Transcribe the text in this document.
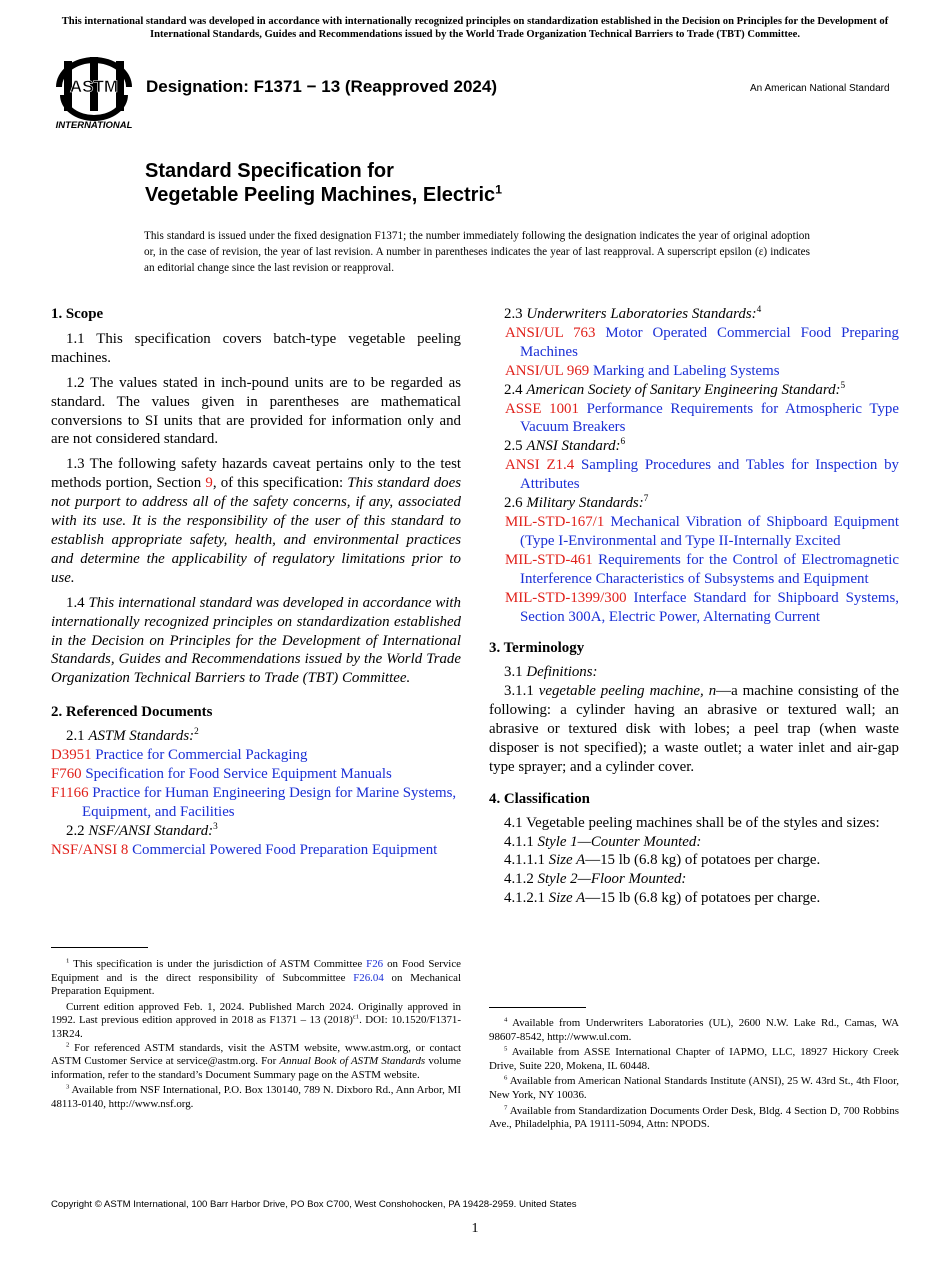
This international standard was developed in accordance with internationally recognized principles on standardization established in the Decision on Principles for the Development of International Standards, Guides and Recommendations issued by the World Trade Organization Technical Barriers to Trade (TBT) Committee.
ASTM
INTERNATIONAL
Designation: F1371 − 13 (Reapproved 2024)	An American National Standard
Standard Specification for
Vegetable Peeling Machines, Electric$^1$
This standard is issued under the fixed designation F1371; the number immediately following the designation indicates the year of original adoption or, in the case of revision, the year of last revision. A number in parentheses indicates the year of last reapproval. A superscript epsilon (ε) indicates an editorial change since the last revision or reapproval.
1. Scope

1.1 This specification covers batch-type vegetable peeling machines.

1.2 The values stated in inch-pound units are to be regarded as standard. The values given in parentheses are mathematical conversions to SI units that are provided for information only and are not considered standard.

1.3 The following safety hazards caveat pertains only to the test methods portion, Section 9, of this specification: This standard does not purport to address all of the safety concerns, if any, associated with its use. It is the responsibility of the user of this standard to establish appropriate safety, health, and environmental practices and determine the applicability of regulatory limitations prior to use.

1.4 This international standard was developed in accordance with internationally recognized principles on standardization established in the Decision on Principles for the Development of International Standards, Guides and Recommendations issued by the World Trade Organization Technical Barriers to Trade (TBT) Committee.

2. Referenced Documents
2.1 ASTM Standards:$^2$
D3951 Practice for Commercial Packaging
F760 Specification for Food Service Equipment Manuals
F1166 Practice for Human Engineering Design for Marine Systems, Equipment, and Facilities
2.2 NSF/ANSI Standard:$^3$
NSF/ANSI 8 Commercial Powered Food Preparation Equipment

$^1$ This specification is under the jurisdiction of ASTM Committee F26 on Food Service Equipment and is the direct responsibility of Subcommittee F26.04 on Mechanical Preparation Equipment.

Current edition approved Feb. 1, 2024. Published March 2024. Originally approved in 1992. Last previous edition approved in 2018 as F1371 – 13 $(2018)^{\varepsilon 1}$. DOI: 10.1520/F1371-13R24.

$^2$ For referenced ASTM standards, visit the ASTM website, www.astm.org, or contact ASTM Customer Service at service@astm.org. For Annual Book of ASTM Standards volume information, refer to the standard’s Document Summary page on the ASTM website.

$^3$ Available from NSF International, P.O. Box 130140, 789 N. Dixboro Rd., Ann Arbor, MI 48113-0140, http://www.nsf.org.

2.3 Underwriters Laboratories Standards:$^4$
ANSI/UL 763 Motor Operated Commercial Food Preparing Machines
ANSI/UL 969 Marking and Labeling Systems
2.4 American Society of Sanitary Engineering Standard:$^5$
ASSE 1001 Performance Requirements for Atmospheric Type Vacuum Breakers
2.5 ANSI Standard:$^6$
ANSI Z1.4 Sampling Procedures and Tables for Inspection by Attributes
2.6 Military Standards:$^7$
MIL-STD-167/1 Mechanical Vibration of Shipboard Equipment (Type I-Environmental and Type II-Internally Excited
MIL-STD-461 Requirements for the Control of Electromagnetic Interference Characteristics of Subsystems and Equipment
MIL-STD-1399/300 Interface Standard for Shipboard Systems, Section 300A, Electric Power, Alternating Current
3. Terminology
3.1 Definitions:

3.1.1 vegetable peeling machine, n—a machine consisting of the following: a cylinder having an abrasive or textured wall; an abrasive or textured disk with lobes; a peel trap (when waste disposer is not specified); a waste outlet; a water inlet and air-gap type sprayer; and a cylinder cover.

4. Classification

4.1 Vegetable peeling machines shall be of the styles and sizes:

4.1.1 Style 1—Counter Mounted:
4.1.1.1 Size A—15 lb (6.8 kg) of potatoes per charge.
4.1.2 Style 2—Floor Mounted:
4.1.2.1 Size A—15 lb (6.8 kg) of potatoes per charge.

$^4$ Available from Underwriters Laboratories (UL), 2600 N.W. Lake Rd., Camas, WA 98607-8542, http://www.ul.com.

$^5$ Available from ASSE International Chapter of IAPMO, LLC, 18927 Hickory Creek Drive, Suite 220, Mokena, IL 60448.

$^6$ Available from American National Standards Institute (ANSI), 25 W. 43rd St., 4th Floor, New York, NY 10036.

$^7$ Available from Standardization Documents Order Desk, Bldg. 4 Section D, 700 Robbins Ave., Philadelphia, PA 19111-5094, Attn: NPODS.

Copyright © ASTM International, 100 Barr Harbor Drive, PO Box C700, West Conshohocken, PA 19428-2959. United States
1
